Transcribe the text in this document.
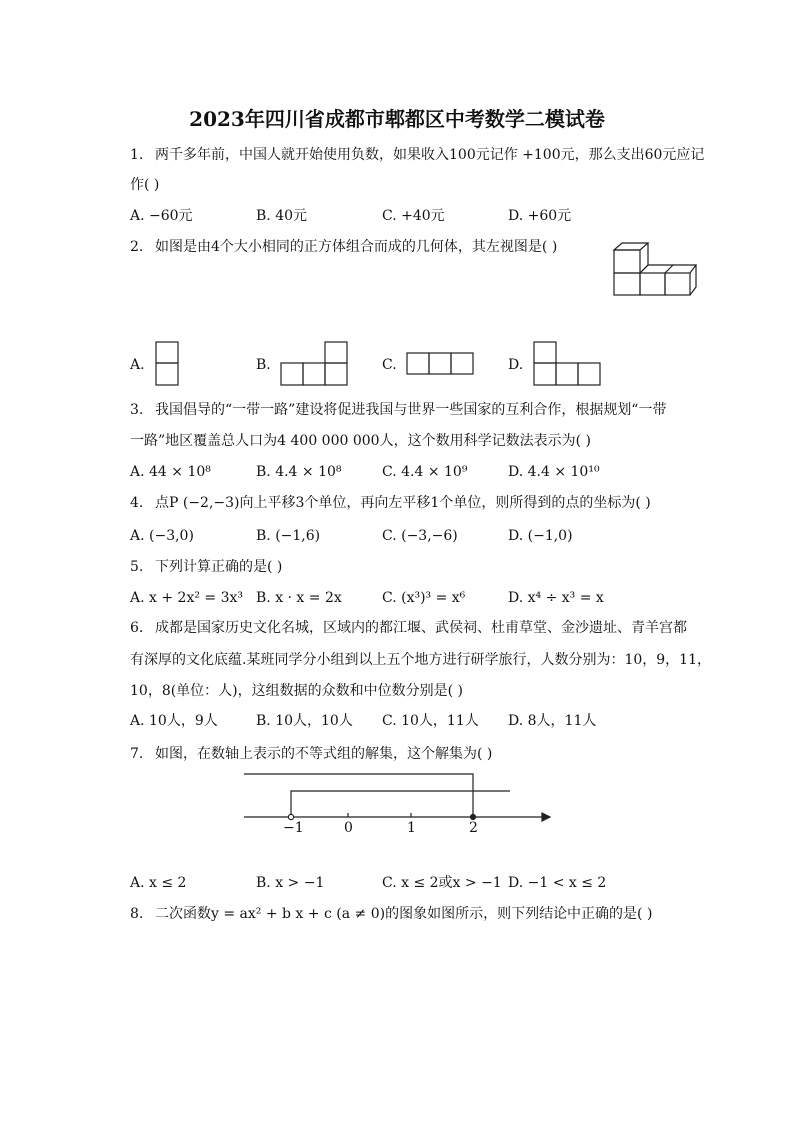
2023年四川省成都市郫都区中考数学二模试卷
1. 两千多年前，中国人就开始使用负数，如果收入100元记作 +100元，那么支出60元应记
作( )
A. −60元	B. 40元	C. +40元	D. +60元
2. 如图是由4个大小相同的正方体组合而成的几何体，其左视图是( )
A.	B.	C.	D.
3. 我国倡导的“一带一路”建设将促进我国与世界一些国家的互利合作，根据规划“一带
一路”地区覆盖总人口为4 400 000 000人，这个数用科学记数法表示为( )
A. 44 × 10⁸	B. 4.4 × 10⁸	C. 4.4 × 10⁹	D. 4.4 × 10¹⁰
4. 点P (−2,−3)向上平移3个单位，再向左平移1个单位，则所得到的点的坐标为( )
A. (−3,0)	B. (−1,6)	C. (−3,−6)	D. (−1,0)
5. 下列计算正确的是( )
A. x + 2x² = 3x³ B. x · x = 2x	C. (x³)³ = x⁶	D. x⁴ ÷ x³ = x
6. 成都是国家历史文化名城，区域内的都江堰、武侯祠、杜甫草堂、金沙遗址、青羊宫都
有深厚的文化底蕴.某班同学分小组到以上五个地方进行研学旅行，人数分别为：10，9，11，
10，8(单位：人)，这组数据的众数和中位数分别是( )
A. 10人，9人	B. 10人，10人 C. 10人，11人 D. 8人，11人
7. 如图，在数轴上表示的不等式组的解集，这个解集为( )
−1	0	1	2
A. x ≤ 2	B. x > −1	C. x ≤ 2或x > −1 D. −1 < x ≤ 2
8. 二次函数y = ax² + b x + c (a ≠ 0)的图象如图所示，则下列结论中正确的是( )
